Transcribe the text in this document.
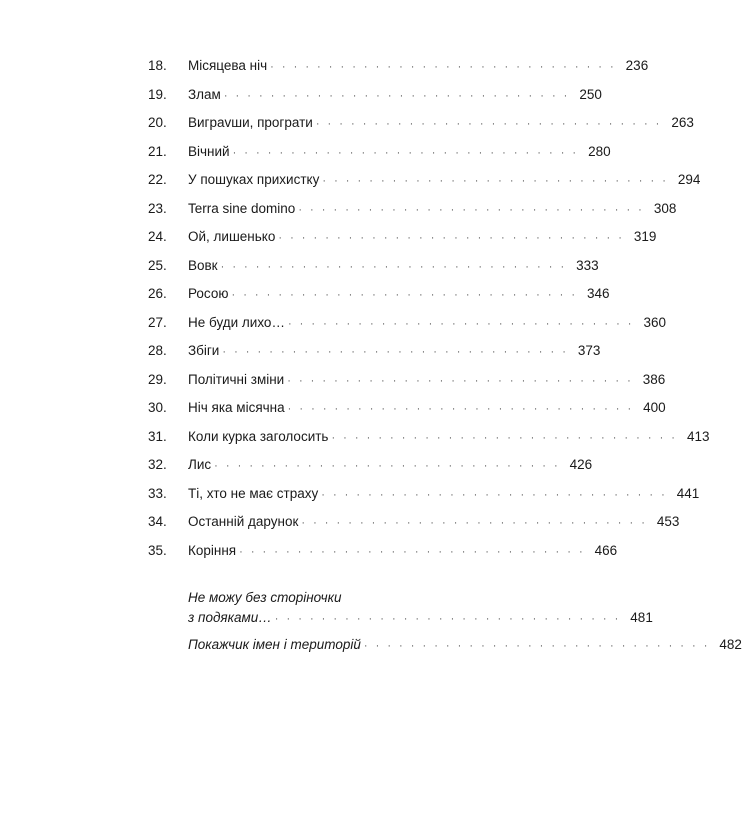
18.	Місяцева ніч · · · · · · · · · · · · · · · · · · · · · · · · · · · · · · 236
19.	Злам · · · · · · · · · · · · · · · · · · · · · · · · · · · · · · 250
20.	Виграvши, програти · · · · · · · · · · · · · · · · · · · · · · · · · · · · · · 263
21.	Вічний · · · · · · · · · · · · · · · · · · · · · · · · · · · · · · 280
22.	У пошуках прихистку · · · · · · · · · · · · · · · · · · · · · · · · · · · · · · 294
23.	Terra sine domino · · · · · · · · · · · · · · · · · · · · · · · · · · · · · · 308
24.	Ой, лишенько · · · · · · · · · · · · · · · · · · · · · · · · · · · · · · 319
25.	Вовк · · · · · · · · · · · · · · · · · · · · · · · · · · · · · · 333
26.	Росою · · · · · · · · · · · · · · · · · · · · · · · · · · · · · · 346
27.	Не буди лихо… · · · · · · · · · · · · · · · · · · · · · · · · · · · · · · 360
28.	Збіги · · · · · · · · · · · · · · · · · · · · · · · · · · · · · · 373
29.	Політичні зміни · · · · · · · · · · · · · · · · · · · · · · · · · · · · · · 386
30.	Ніч яка місячна · · · · · · · · · · · · · · · · · · · · · · · · · · · · · · 400
31.	Коли курка заголосить · · · · · · · · · · · · · · · · · · · · · · · · · · · · · · 413
32.	Лис · · · · · · · · · · · · · · · · · · · · · · · · · · · · · · 426
33.	Ті, хто не має страху · · · · · · · · · · · · · · · · · · · · · · · · · · · · · · 441
34.	Останній дарунок · · · · · · · · · · · · · · · · · · · · · · · · · · · · · · 453
35.	Коріння · · · · · · · · · · · · · · · · · · · · · · · · · · · · · · 466
Не можу без сторіночки
з подяками… · · · · · · · · · · · · · · · · · · · · · · · · · · · · · · 481
Покажчик імен і територій · · · · · · · · · · · · · · · · · · · · · · · · · · · · · · 482
